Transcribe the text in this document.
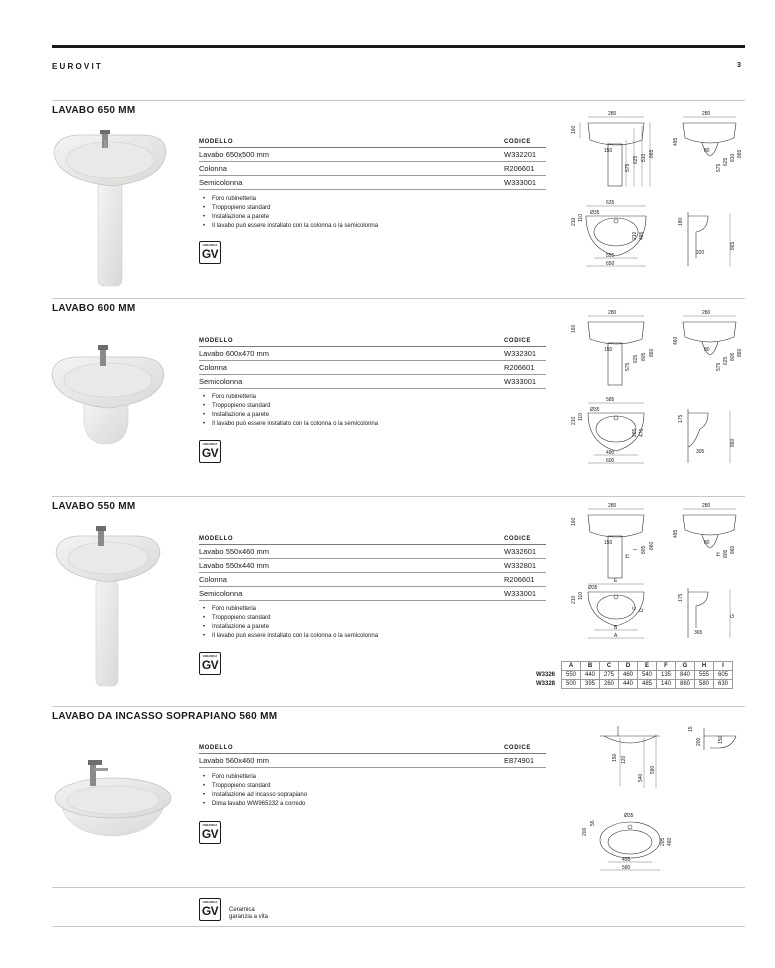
EUROVIT	3
LAVABO 650 MM
MODELLO	CODICE
Lavabo 650x500 mm	W332201
Colonna	R206601
Semicolonna	W333001
• Foro rubinetteria
• Troppopieno standard
• Installazione a parete
• Il lavabo può essere installato con la colonna o la semicolonna
CERAMICA
GV
280
160
150
575
625 810 865
280
495
80
575
625 810 865
635
Ø35
210 110
210 495
555
650
180
865
320
LAVABO 600 MM
MODELLO	CODICE
Lavabo 600x470 mm	W332301
Colonna	R206601
Semicolonna	W333001
• Foro rubinetteria
• Troppopieno standard
• Installazione a parete
• Il lavabo può essere installato con la colonna o la semicolonna
CERAMICA
GV
280
160
150
575
625 805 860
280
460
80
575
625 805 860
585
Ø35
210 110
265 470
490
600
175
860
305
LAVABO 550 MM
MODELLO	CODICE
Lavabo 550x460 mm	W332601
Lavabo 550x440 mm	W332801
Colonna	R206601
Semicolonna	W333001
• Foro rubinetteria
• Troppopieno standard
• Installazione a parete
• Il lavabo può essere installato con la colonna o la semicolonna
CERAMICA
GV
280
160
150
H
I 805 860
280
495
80
H 805 860
E
Ø35
210 110
C
D
B
A
175
G
365
	A	B	C	D	E	F	G	H	I
W3326	550	440	275	460	540	135	840	555	605
W3328	500	395	260	440	485	140	860	580	630
LAVABO DA INCASSO SOPRAPIANO 560 MM
MODELLO	CODICE
Lavabo 560x460 mm	E874901
• Foro rubinetteria
• Troppopieno standard
• Installazione ad incasso soprapiano
• Dima lavabo WW965232 a corredo
CERAMICA
GV
150 120
540
590
200
15
150
Ø35
55
200
205 460
495
580
CERAMICA
GV	Ceramica
garanzia a vita
